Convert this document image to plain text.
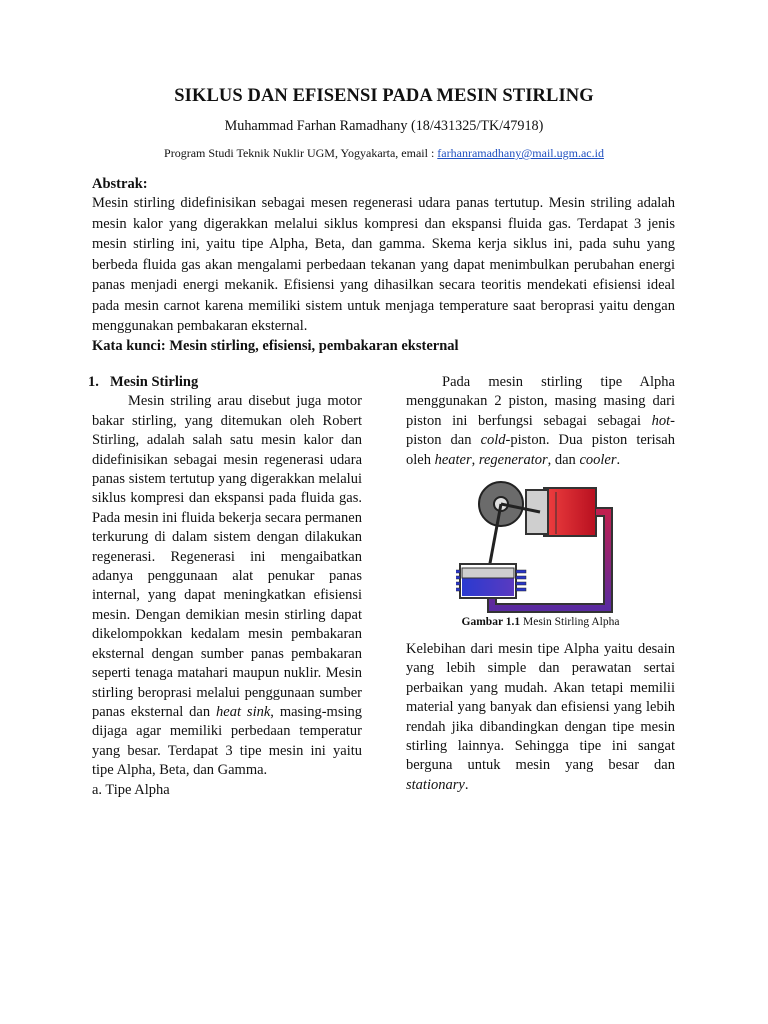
SIKLUS DAN EFISENSI PADA MESIN STIRLING
Muhammad Farhan Ramadhany (18/431325/TK/47918)
Program Studi Teknik Nuklir UGM, Yogyakarta, email : farhanramadhany@mail.ugm.ac.id
Abstrak:
Mesin stirling didefinisikan sebagai mesen regenerasi udara panas tertutup. Mesin striling adalah mesin kalor yang digerakkan melalui siklus kompresi dan ekspansi fluida gas. Terdapat 3 jenis mesin stirling ini, yaitu tipe Alpha, Beta, dan gamma. Skema kerja siklus ini, pada suhu yang berbeda fluida gas akan mengalami perbedaan tekanan yang dapat menimbulkan perubahan energi panas menjadi energi mekanik. Efisiensi yang dihasilkan secara teoritis mendekati efisiensi ideal pada mesin carnot karena memiliki sistem untuk menjaga temperature saat beroprasi yaitu dengan menggunakan pembakaran eksternal.
Kata kunci: Mesin stirling, efisiensi, pembakaran eksternal
1. Mesin Stirling

Mesin striling arau disebut juga motor bakar stirling, yang ditemukan oleh Robert Stirling, adalah salah satu mesin kalor dan didefinisikan sebagai mesin regenerasi udara panas sistem tertutup yang digerakkan melalui siklus kompresi dan ekspansi pada fluida gas. Pada mesin ini fluida bekerja secara permanen terkurung di dalam sistem dengan dilakukan regenerasi. Regenerasi ini mengaibatkan adanya penggunaan alat penukar panas internal, yang dapat meningkatkan efisiensi mesin. Dengan demikian mesin stirling dapat dikelompokkan kedalam mesin pembakaran eksternal dengan sumber panas pembakaran seperti tenaga matahari maupun nuklir. Mesin stirling beroprasi melalui penggunaan sumber panas eksternal dan heat sink, masing-msing dijaga agar memiliki perbedaan temperatur yang besar. Terdapat 3 tipe mesin ini yaitu tipe Alpha, Beta, dan Gamma.

a. Tipe Alpha

Pada mesin stirling tipe Alpha menggunakan 2 piston, masing masing dari piston ini berfungsi sebagai sebagai hot-piston dan cold-piston. Dua piston terisah oleh heater, regenerator, dan cooler.

Gambar 1.1 Mesin Stirling Alpha

Kelebihan dari mesin tipe Alpha yaitu desain yang lebih simple dan perawatan sertai perbaikan yang mudah. Akan tetapi memilii material yang banyak dan efisiensi yang lebih rendah jika dibandingkan dengan tipe mesin stirling lainnya. Sehingga tipe ini sangat berguna untuk mesin yang besar dan stationary.
